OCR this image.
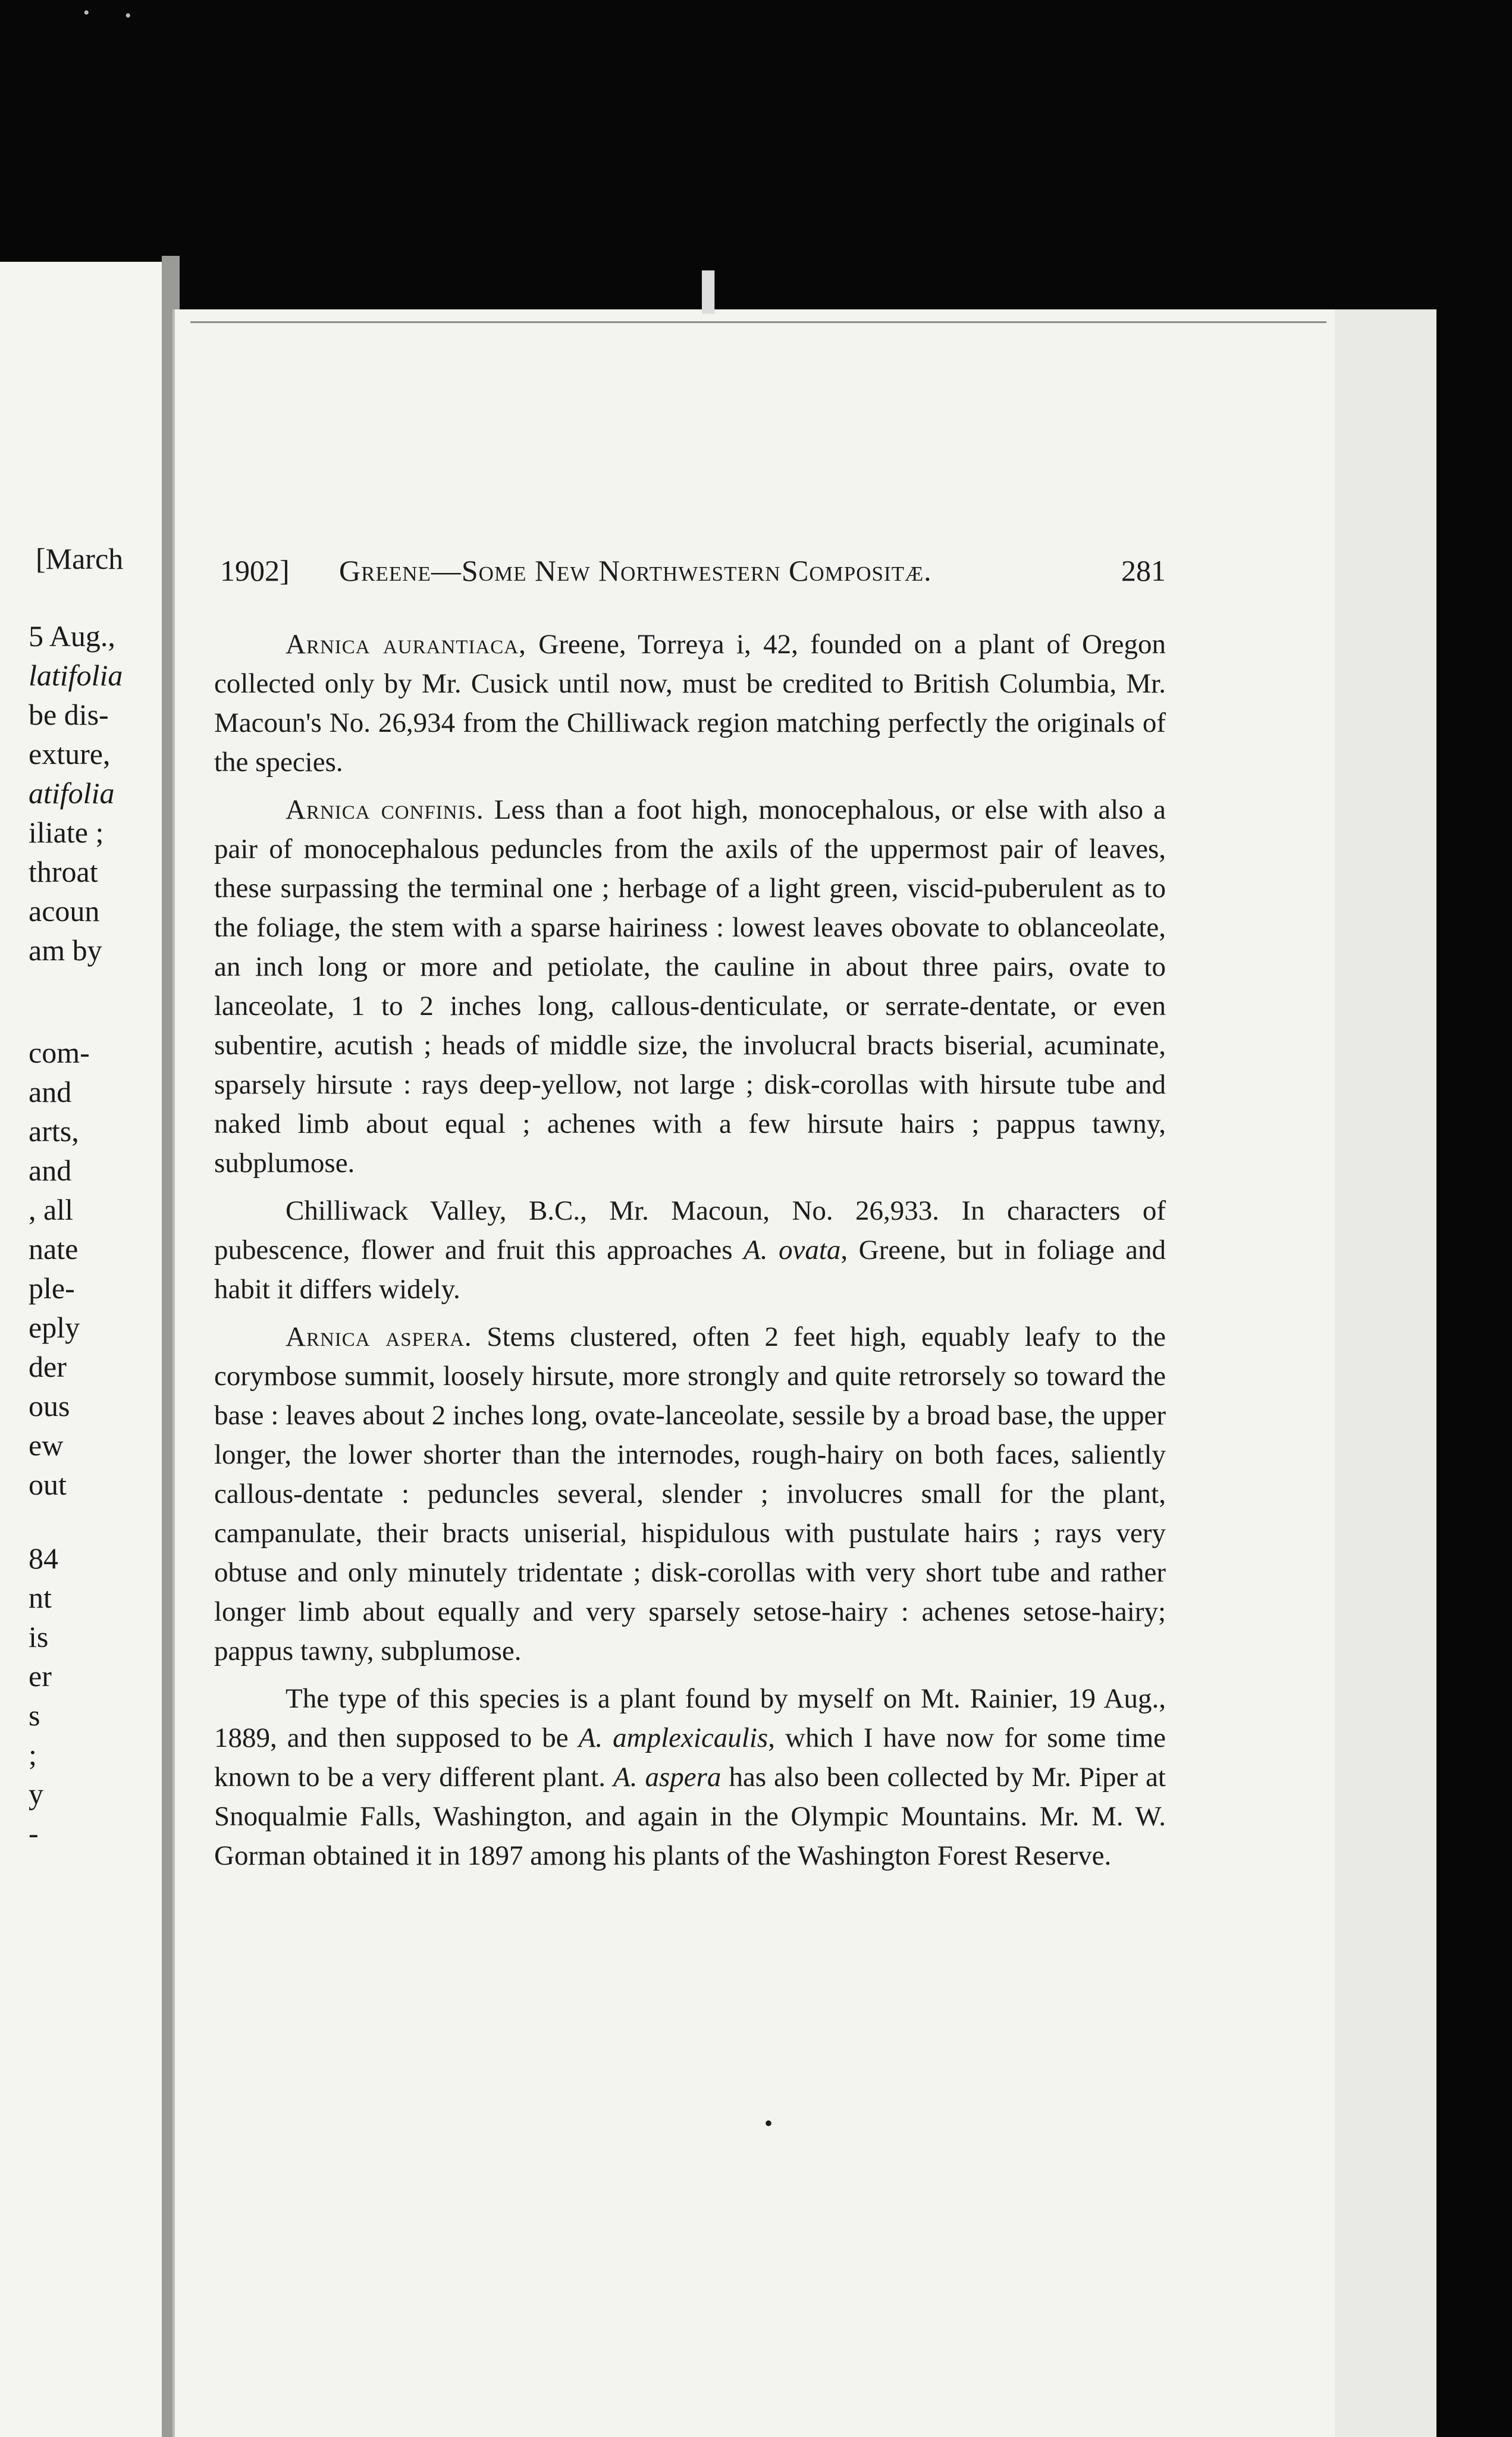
[March
5 Aug.,
latifolia
be dis-
exture,
atifolia
iliate ;
throat
acoun
am by
com-
and
arts,
and
, all
nate
ple-
eply
der
ous
ew
out
84
nt
is
er
s
;
y
-
1902] Greene—Some New Northwestern Compositæ.	281

Arnica aurantiaca, Greene, Torreya i, 42, founded on a plant of Oregon collected only by Mr. Cusick until now, must be credited to British Columbia, Mr. Macoun's No. 26,934 from the Chilliwack region matching perfectly the originals of the species.

Arnica confinis. Less than a foot high, monocephalous, or else with also a pair of monocephalous peduncles from the axils of the uppermost pair of leaves, these surpassing the terminal one ; herbage of a light green, viscid-puberulent as to the foliage, the stem with a sparse hairiness : lowest leaves obovate to oblanceolate, an inch long or more and petiolate, the cauline in about three pairs, ovate to lanceolate, 1 to 2 inches long, callous-denticulate, or serrate-dentate, or even subentire, acutish ; heads of middle size, the involucral bracts biserial, acuminate, sparsely hirsute : rays deep-yellow, not large ; disk-corollas with hirsute tube and naked limb about equal ; achenes with a few hirsute hairs ; pappus tawny, subplumose.

Chilliwack Valley, B.C., Mr. Macoun, No. 26,933. In characters of pubescence, flower and fruit this approaches A. ovata, Greene, but in foliage and habit it differs widely.

Arnica aspera. Stems clustered, often 2 feet high, equably leafy to the corymbose summit, loosely hirsute, more strongly and quite retrorsely so toward the base : leaves about 2 inches long, ovate-lanceolate, sessile by a broad base, the upper longer, the lower shorter than the internodes, rough-hairy on both faces, saliently callous-dentate : peduncles several, slender ; involucres small for the plant, campanulate, their bracts uniserial, hispidulous with pustulate hairs ; rays very obtuse and only minutely tridentate ; disk-corollas with very short tube and rather longer limb about equally and very sparsely setose-hairy : achenes setose-hairy; pappus tawny, subplumose.

The type of this species is a plant found by myself on Mt. Rainier, 19 Aug., 1889, and then supposed to be A. amplexicaulis, which I have now for some time known to be a very different plant. A. aspera has also been collected by Mr. Piper at Snoqualmie Falls, Washington, and again in the Olympic Mountains. Mr. M. W. Gorman obtained it in 1897 among his plants of the Washington Forest Reserve.

•
▌
• •
